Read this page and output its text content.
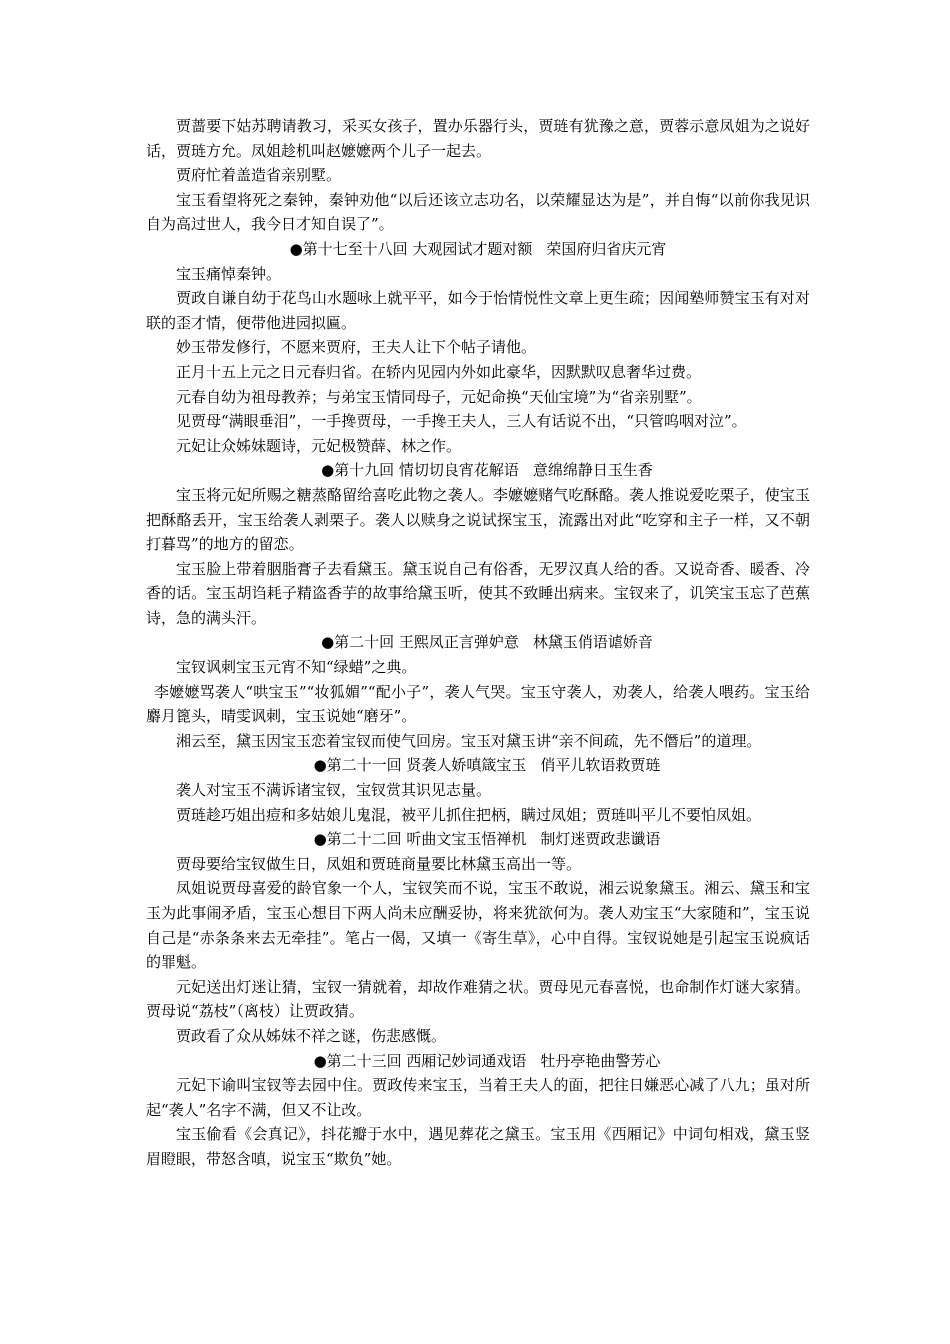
贾蔷要下姑苏聘请教习，采买女孩子，置办乐器行头，贾琏有犹豫之意，贾蓉示意凤姐为之说好话，贾琏方允。凤姐趁机叫赵嬷嬷两个儿子一起去。

贾府忙着盖造省亲别墅。

宝玉看望将死之秦钟，秦钟劝他“以后还该立志功名，以荣耀显达为是”，并自悔“以前你我见识自为高过世人，我今日才知自误了”。

●第十七至十八回 大观园试才题对额 荣国府归省庆元宵

宝玉痛悼秦钟。

贾政自谦自幼于花鸟山水题咏上就平平，如今于怡情悦性文章上更生疏；因闻塾师赞宝玉有对对联的歪才情，便带他进园拟匾。

妙玉带发修行，不愿来贾府，王夫人让下个帖子请他。

正月十五上元之日元春归省。在轿内见园内外如此豪华，因默默叹息奢华过费。

元春自幼为祖母教养；与弟宝玉情同母子，元妃命换“天仙宝境”为“省亲别墅”。

见贾母“满眼垂泪”，一手搀贾母，一手搀王夫人，三人有话说不出，“只管呜咽对泣”。

元妃让众姊妹题诗，元妃极赞薛、林之作。

●第十九回 情切切良宵花解语 意绵绵静日玉生香

宝玉将元妃所赐之糖蒸酪留给喜吃此物之袭人。李嬷嬷赌气吃酥酪。袭人推说爱吃栗子，使宝玉把酥酪丢开，宝玉给袭人剥栗子。袭人以赎身之说试探宝玉，流露出对此“吃穿和主子一样，又不朝打暮骂”的地方的留恋。

宝玉脸上带着胭脂膏子去看黛玉。黛玉说自己有俗香，无罗汉真人给的香。又说奇香、暖香、冷香的话。宝玉胡诌耗子精盗香芋的故事给黛玉听，使其不致睡出病来。宝钗来了，讥笑宝玉忘了芭蕉诗，急的满头汗。

●第二十回 王熙凤正言弹妒意 林黛玉俏语谑娇音

宝钗讽刺宝玉元宵不知“绿蜡”之典。

李嬷嬷骂袭人“哄宝玉”“妆狐媚”“配小子”，袭人气哭。宝玉守袭人，劝袭人，给袭人喂药。宝玉给麝月篦头，晴雯讽刺，宝玉说她“磨牙”。

湘云至，黛玉因宝玉恋着宝钗而使气回房。宝玉对黛玉讲“亲不间疏，先不僭后”的道理。

●第二十一回 贤袭人娇嗔箴宝玉 俏平儿软语救贾琏

袭人对宝玉不满诉诸宝钗，宝钗赏其识见志量。

贾琏趁巧姐出痘和多姑娘儿鬼混，被平儿抓住把柄，瞒过凤姐；贾琏叫平儿不要怕凤姐。

●第二十二回 听曲文宝玉悟禅机 制灯迷贾政悲谶语

贾母要给宝钗做生日，凤姐和贾琏商量要比林黛玉高出一等。

凤姐说贾母喜爱的龄官象一个人，宝钗笑而不说，宝玉不敢说，湘云说象黛玉。湘云、黛玉和宝玉为此事闹矛盾，宝玉心想目下两人尚未应酬妥协，将来犹欲何为。袭人劝宝玉“大家随和”，宝玉说自己是“赤条条来去无牵挂”。笔占一偈，又填一《寄生草》，心中自得。宝钗说她是引起宝玉说疯话的罪魁。

元妃送出灯迷让猜，宝钗一猜就着，却故作难猜之状。贾母见元春喜悦，也命制作灯谜大家猜。贾母说“荔枝”（离枝）让贾政猜。

贾政看了众从姊妹不祥之谜，伤悲感慨。

●第二十三回 西厢记妙词通戏语 牡丹亭艳曲警芳心

元妃下谕叫宝钗等去园中住。贾政传来宝玉，当着王夫人的面，把往日嫌恶心减了八九；虽对所起“袭人”名字不满，但又不让改。

宝玉偷看《会真记》，抖花瓣于水中，遇见葬花之黛玉。宝玉用《西厢记》中词句相戏，黛玉竖眉瞪眼，带怒含嗔，说宝玉“欺负”她。
